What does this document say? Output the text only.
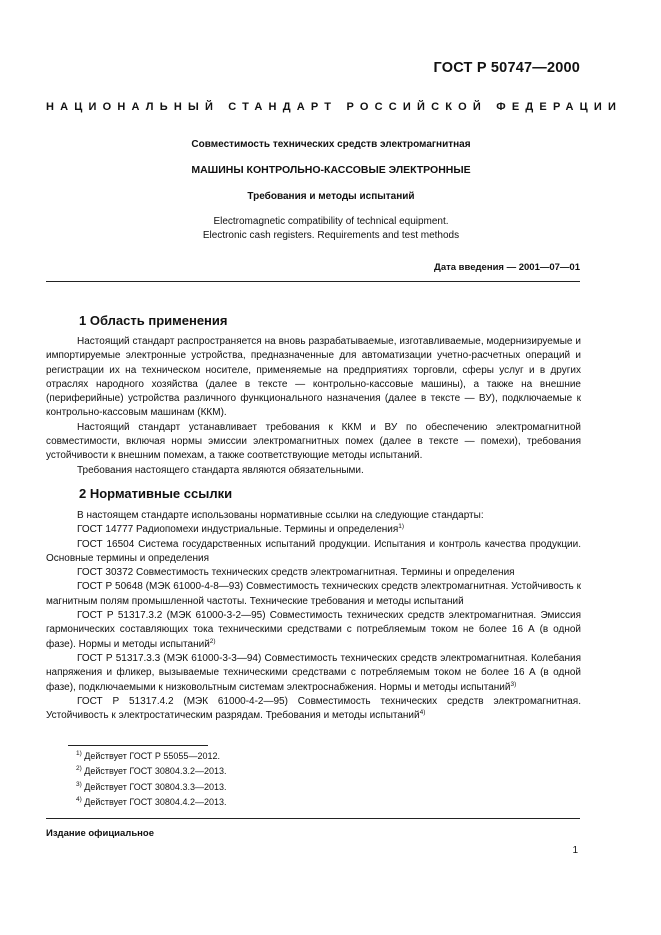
ГОСТ Р 50747—2000
НАЦИОНАЛЬНЫЙ СТАНДАРТ РОССИЙСКОЙ ФЕДЕРАЦИИ
Совместимость технических средств электромагнитная
МАШИНЫ КОНТРОЛЬНО-КАССОВЫЕ ЭЛЕКТРОННЫЕ
Требования и методы испытаний
Electromagnetic compatibility of technical equipment.
Electronic cash registers. Requirements and test methods
Дата введения — 2001—07—01
1 Область применения

Настоящий стандарт распространяется на вновь разрабатываемые, изготавливаемые, модернизируемые и импортируемые электронные устройства, предназначенные для автоматизации учетно-расчетных операций и регистрации их на техническом носителе, применяемые на предприятиях торговли, сферы услуг и в других отраслях народного хозяйства (далее в тексте — контрольно-кассовые машины), а также на внешние (периферийные) устройства различного функционального назначения (далее в тексте — ВУ), подключаемые к контрольно-кассовым машинам (ККМ).

Настоящий стандарт устанавливает требования к ККМ и ВУ по обеспечению электромагнитной совместимости, включая нормы эмиссии электромагнитных помех (далее в тексте — помехи), требования устойчивости к внешним помехам, а также соответствующие методы испытаний.

Требования настоящего стандарта являются обязательными.

2 Нормативные ссылки

В настоящем стандарте использованы нормативные ссылки на следующие стандарты:

ГОСТ 14777 Радиопомехи индустриальные. Термины и определения$^{1)}$

ГОСТ 16504 Система государственных испытаний продукции. Испытания и контроль качества продукции. Основные термины и определения

ГОСТ 30372 Совместимость технических средств электромагнитная. Термины и определения

ГОСТ Р 50648 (МЭК 61000-4-8—93) Совместимость технических средств электромагнитная. Устойчивость к магнитным полям промышленной частоты. Технические требования и методы испытаний

ГОСТ Р 51317.3.2 (МЭК 61000-3-2—95) Совместимость технических средств электромагнитная. Эмиссия гармонических составляющих тока техническими средствами с потребляемым током не более 16 А (в одной фазе). Нормы и методы испытаний$^{2)}$

ГОСТ Р 51317.3.3 (МЭК 61000-3-3—94) Совместимость технических средств электромагнитная. Колебания напряжения и фликер, вызываемые техническими средствами с потребляемым током не более 16 А (в одной фазе), подключаемыми к низковольтным системам электроснабжения. Нормы и методы испытаний$^{3)}$

ГОСТ Р 51317.4.2 (МЭК 61000-4-2—95) Совместимость технических средств электромагнитная. Устойчивость к электростатическим разрядам. Требования и методы испытаний$^{4)}$

$^{1)}$ Действует ГОСТ Р 55055—2012.

$^{2)}$ Действует ГОСТ 30804.3.2—2013.

$^{3)}$ Действует ГОСТ 30804.3.3—2013.

$^{4)}$ Действует ГОСТ 30804.4.2—2013.

Издание официальное
1
